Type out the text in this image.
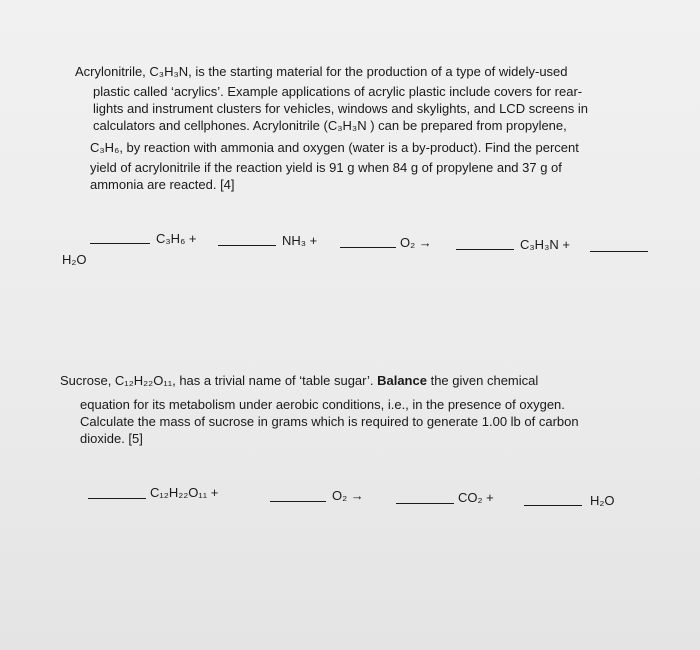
Acrylonitrile, C₃H₃N, is the starting material for the production of a type of widely-used
plastic called ‘acrylics’. Example applications of acrylic plastic include covers for rear-
lights and instrument clusters for vehicles, windows and skylights, and LCD screens in
calculators and cellphones. Acrylonitrile (C₃H₃N ) can be prepared from propylene,
C₃H₆, by reaction with ammonia and oxygen (water is a by-product). Find the percent
yield of acrylonitrile if the reaction yield is 91 g when 84 g of propylene and 37 g of
ammonia are reacted. [4]
C₃H₆ +	NH₃ +	O₂ →	C₃H₃N +
H₂O
Sucrose, C₁₂H₂₂O₁₁, has a trivial name of ‘table sugar’. Balance the given chemical
equation for its metabolism under aerobic conditions, i.e., in the presence of oxygen.
Calculate the mass of sucrose in grams which is required to generate 1.00 lb of carbon
dioxide. [5]
C₁₂H₂₂O₁₁ +	O₂ →	CO₂ +	H₂O
